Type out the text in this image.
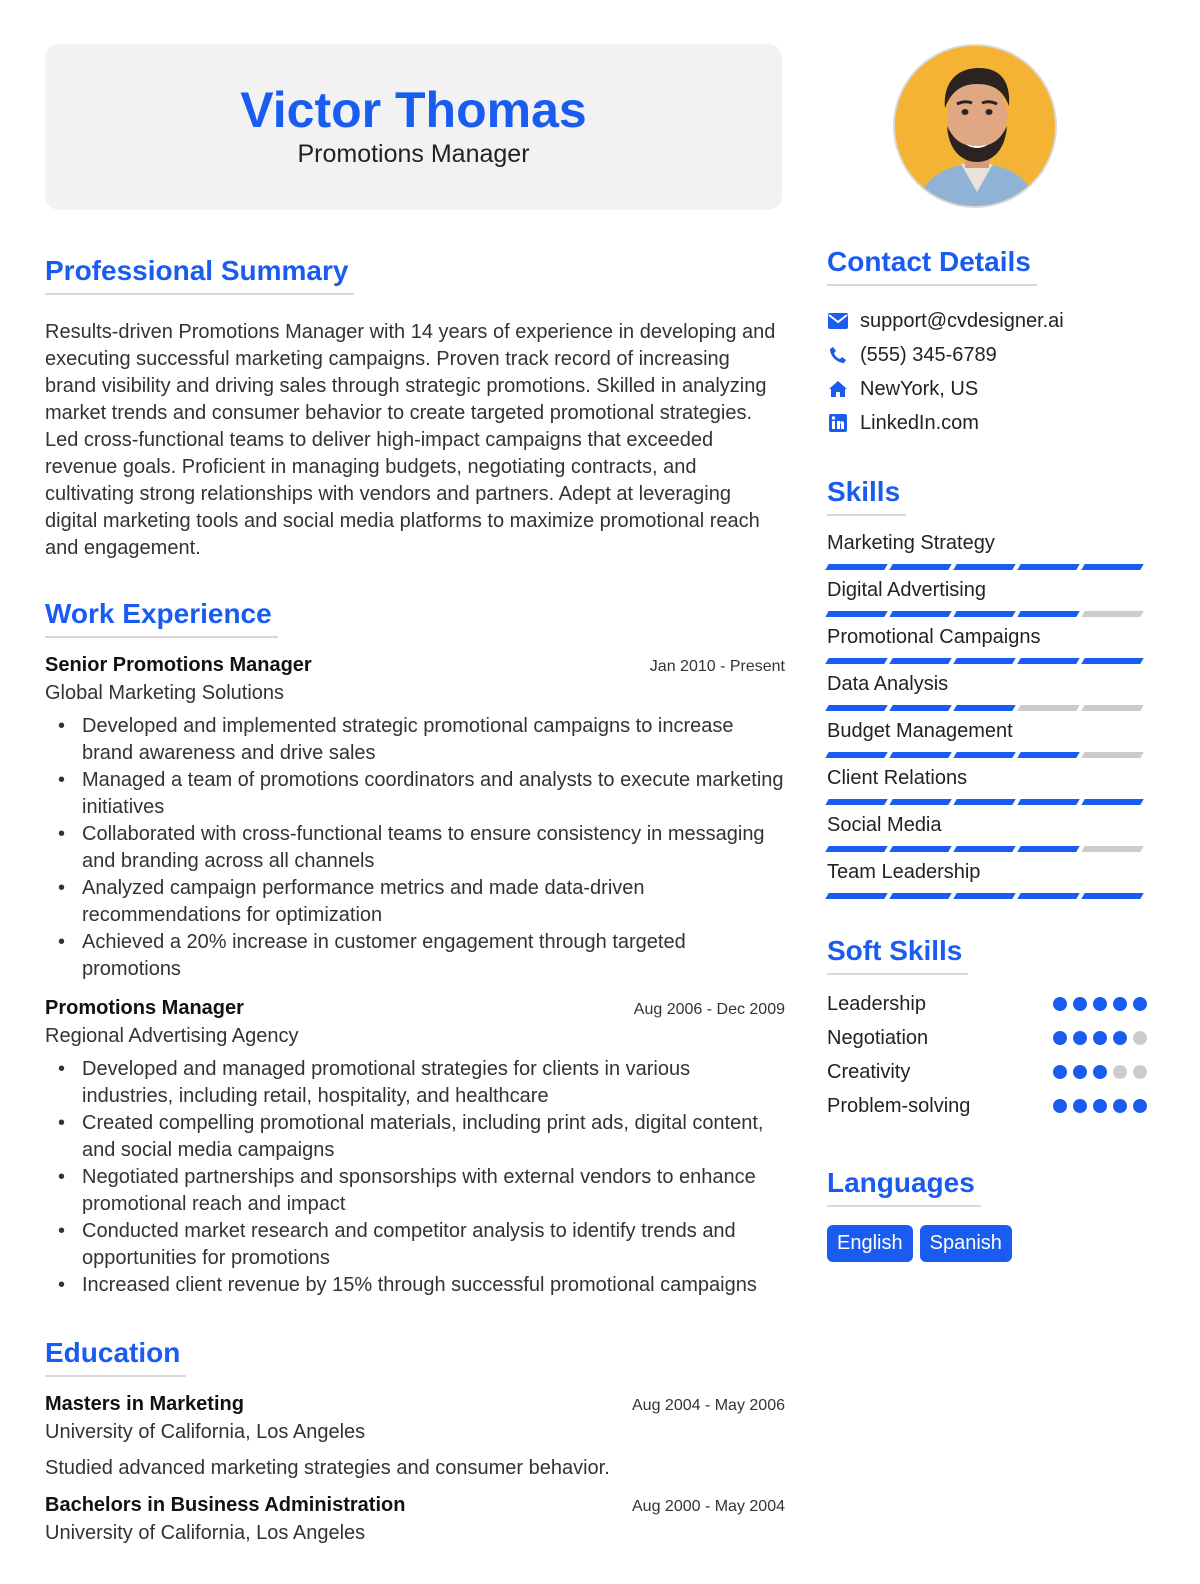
Victor Thomas
Promotions Manager
Professional Summary
Results-driven Promotions Manager with 14 years of experience in developing and executing successful marketing campaigns. Proven track record of increasing brand visibility and driving sales through strategic promotions. Skilled in analyzing market trends and consumer behavior to create targeted promotional strategies. Led cross-functional teams to deliver high-impact campaigns that exceeded revenue goals. Proficient in managing budgets, negotiating contracts, and cultivating strong relationships with vendors and partners. Adept at leveraging digital marketing tools and social media platforms to maximize promotional reach and engagement.
Work Experience
Senior Promotions Manager	Jan 2010 - Present
Global Marketing Solutions
• Developed and implemented strategic promotional campaigns to increase brand awareness and drive sales
• Managed a team of promotions coordinators and analysts to execute marketing initiatives
• Collaborated with cross-functional teams to ensure consistency in messaging and branding across all channels
• Analyzed campaign performance metrics and made data-driven recommendations for optimization
• Achieved a 20% increase in customer engagement through targeted promotions
Promotions Manager	Aug 2006 - Dec 2009
Regional Advertising Agency
• Developed and managed promotional strategies for clients in various industries, including retail, hospitality, and healthcare
• Created compelling promotional materials, including print ads, digital content, and social media campaigns
• Negotiated partnerships and sponsorships with external vendors to enhance promotional reach and impact
• Conducted market research and competitor analysis to identify trends and opportunities for promotions
• Increased client revenue by 15% through successful promotional campaigns
Education
Masters in Marketing	Aug 2004 - May 2006
University of California, Los Angeles
Studied advanced marketing strategies and consumer behavior.
Bachelors in Business Administration	Aug 2000 - May 2004
University of California, Los Angeles
Contact Details
support@cvdesigner.ai
(555) 345-6789
NewYork, US
LinkedIn.com
Skills
Marketing Strategy
Digital Advertising
Promotional Campaigns
Data Analysis
Budget Management
Client Relations
Social Media
Team Leadership
Soft Skills
Leadership
Negotiation
Creativity
Problem-solving
Languages
English	Spanish
